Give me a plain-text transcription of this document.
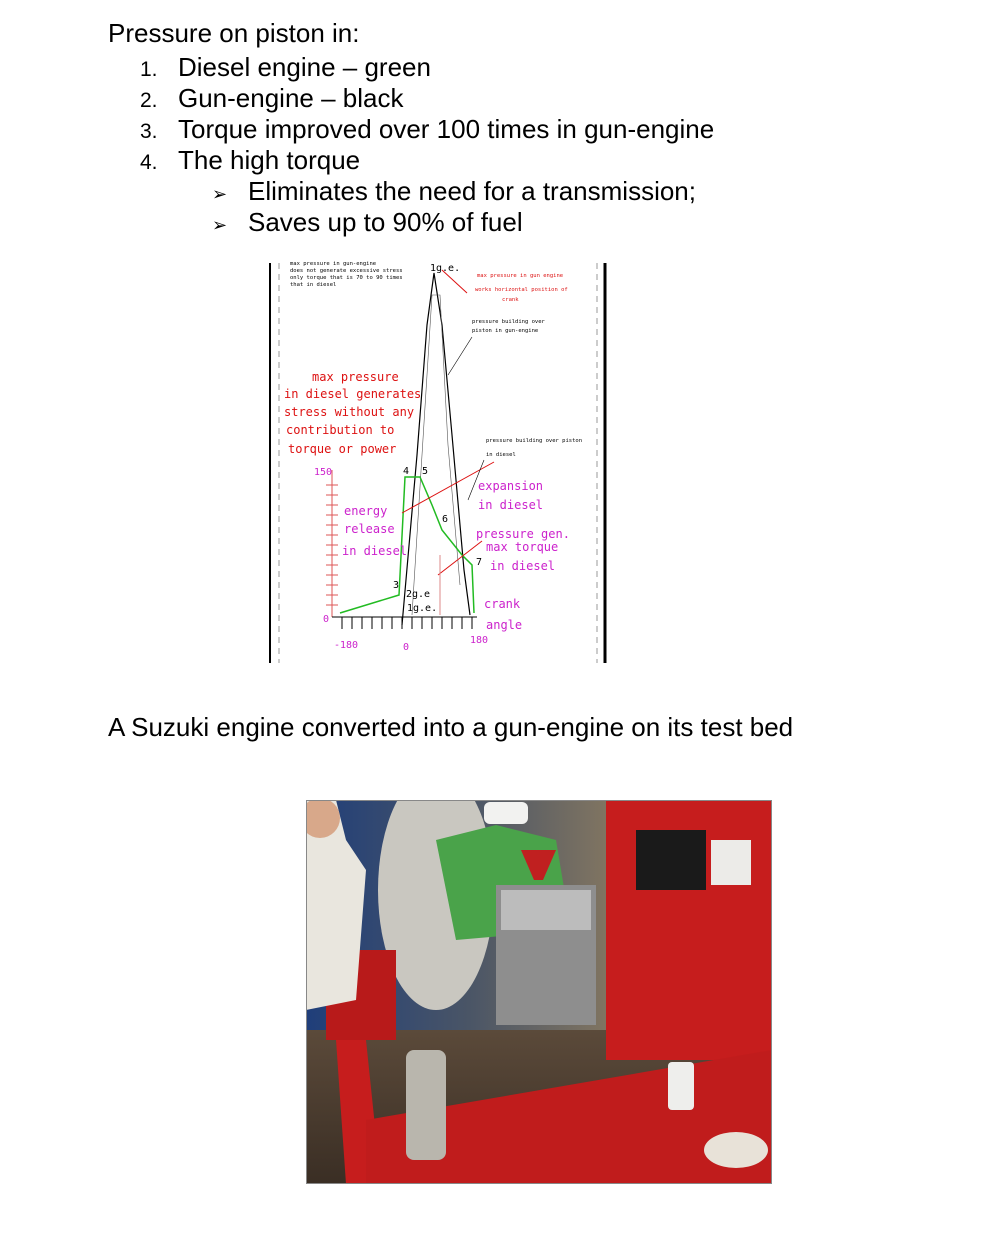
Pressure on piston in:
1. Diesel engine – green
2. Gun-engine – black
3. Torque improved over 100 times in gun-engine
4. The high torque
➢ Eliminates the need for a transmission;
➢ Saves up to 90% of fuel
max pressure in gun-engine
does not generate excessive stress
only torque that is 70 to 90 times
that in diesel
1g.e.
max pressure in gun engine
works horizontal position of
crank
pressure building over
piston in gun-engine
max pressure
in diesel generates
stress without any
contribution to
torque or power
pressure building over piston
in diesel
150
0
4 5
6
3
7
energy
release
in diesel
expansion
in diesel
pressure gen.
max torque
in diesel
2g.e
1g.e.	crank
angle
-180	0
180
A Suzuki engine converted into a gun-engine on its test bed
